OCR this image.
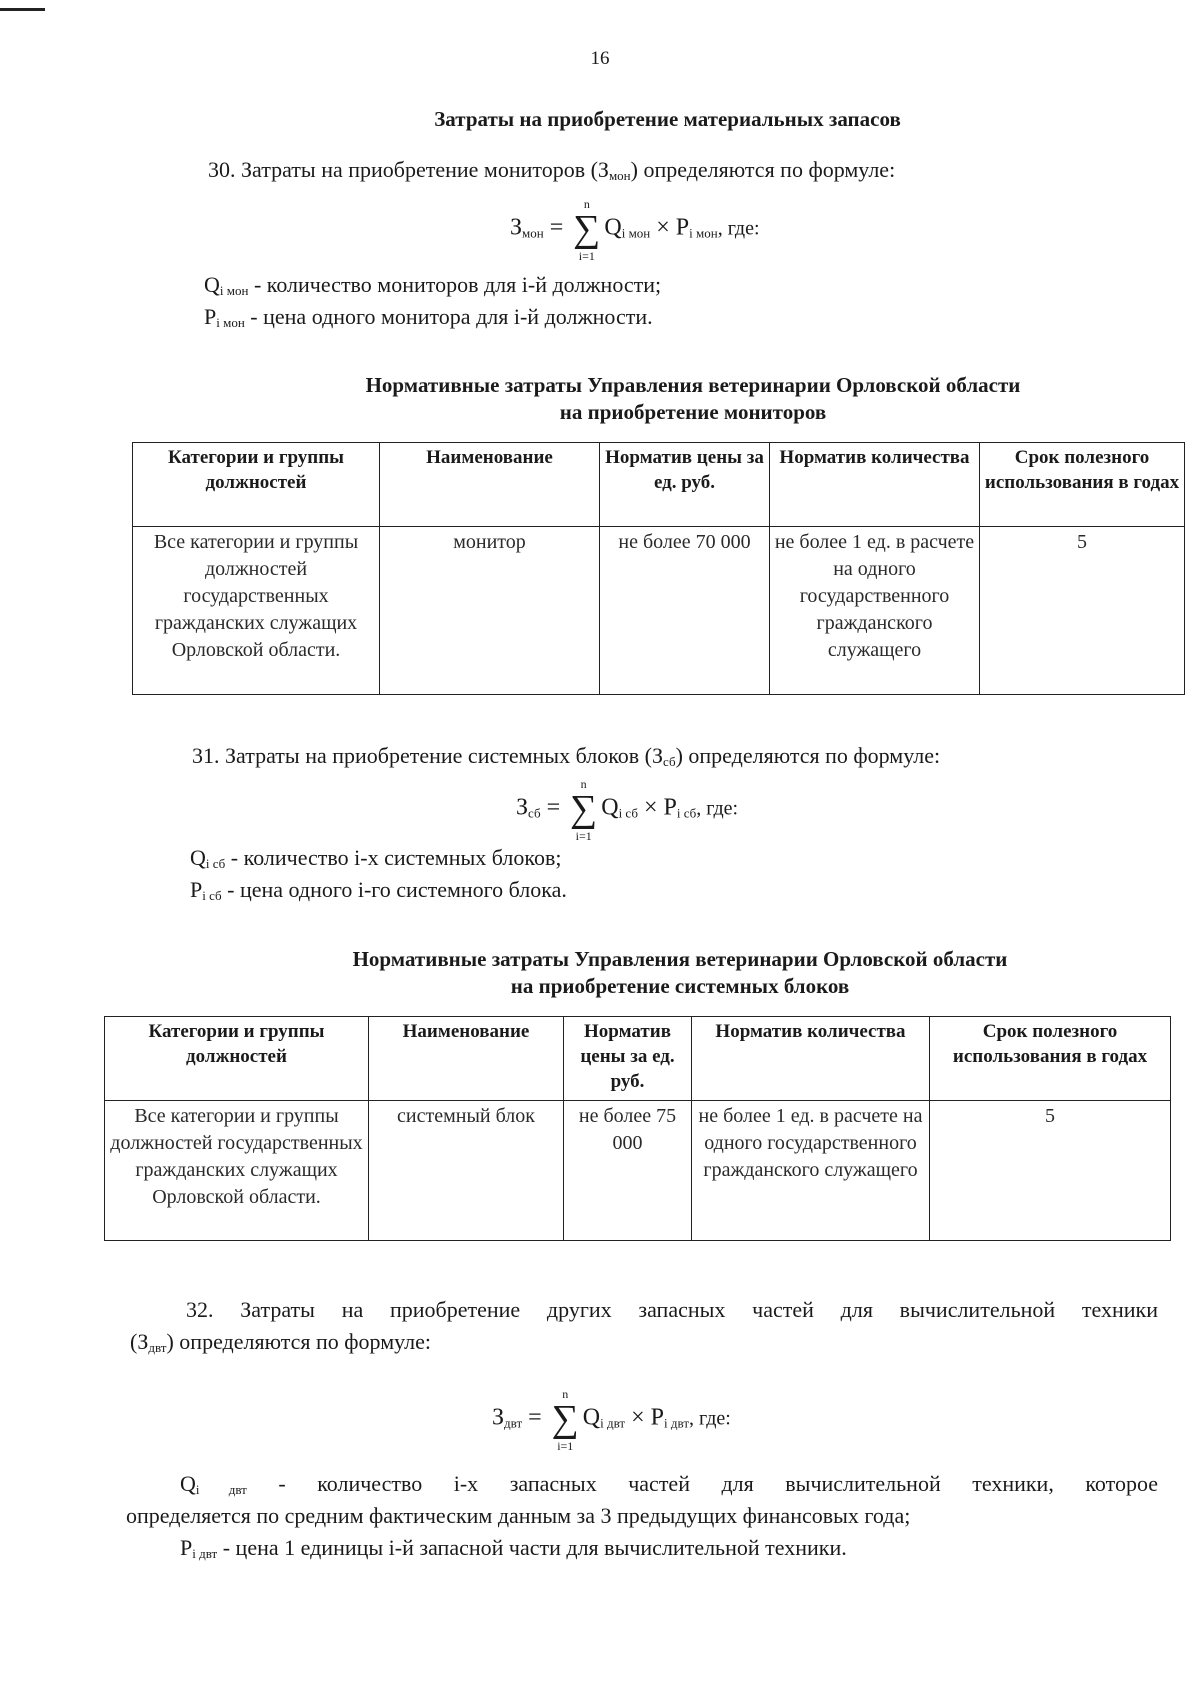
16
Затраты на приобретение материальных запасов
30. Затраты на приобретение мониторов $(З_{мон})$ определяются по формуле:
$З_{мон}$ = ∑
n
i=1
$Q_{i мон} \times P_{i мон}$, где:
$Q_{i мон}$ - количество мониторов для i-й должности;
$P_{i мон}$ - цена одного монитора для i-й должности.
Нормативные затраты Управления ветеринарии Орловской области
на приобретение мониторов
Категории и группы должностей	Наименование	Норматив цены за ед. руб.	Норматив количества	Срок полезного использования в годах
Все категории и группы должностей государственных гражданских служащих Орловской области.	монитор	не более 70 000	не более 1 ед. в расчете на одного государственного гражданского служащего	5
31. Затраты на приобретение системных блоков $(З_{сб})$ определяются по формуле:
$З_{сб}$ = ∑
n
i=1
$Q_{i сб} \times P_{i сб}$, где:
$Q_{i сб}$ - количество i-х системных блоков;
$P_{i сб}$ - цена одного i-го системного блока.
Нормативные затраты Управления ветеринарии Орловской области
на приобретение системных блоков
Категории и группы должностей	Наименование	Норматив цены за ед. руб.	Норматив количества	Срок полезного использования в годах
Все категории и группы должностей государственных гражданских служащих Орловской области.	системный блок	не более 75 000	не более 1 ед. в расчете на одного государственного гражданского служащего	5
32. Затраты на приобретение других запасных частей для вычислительной техники
$(З_{двт})$ определяются по формуле:
$З_{двт}$ = ∑
n
i=1
$Q_{i двт} \times P_{i двт}$, где:
$Q_{i двт}$ - количество i-х запасных частей для вычислительной техники, которое
определяется по средним фактическим данным за 3 предыдущих финансовых года;
$P_{i двт}$ - цена 1 единицы i-й запасной части для вычислительной техники.
